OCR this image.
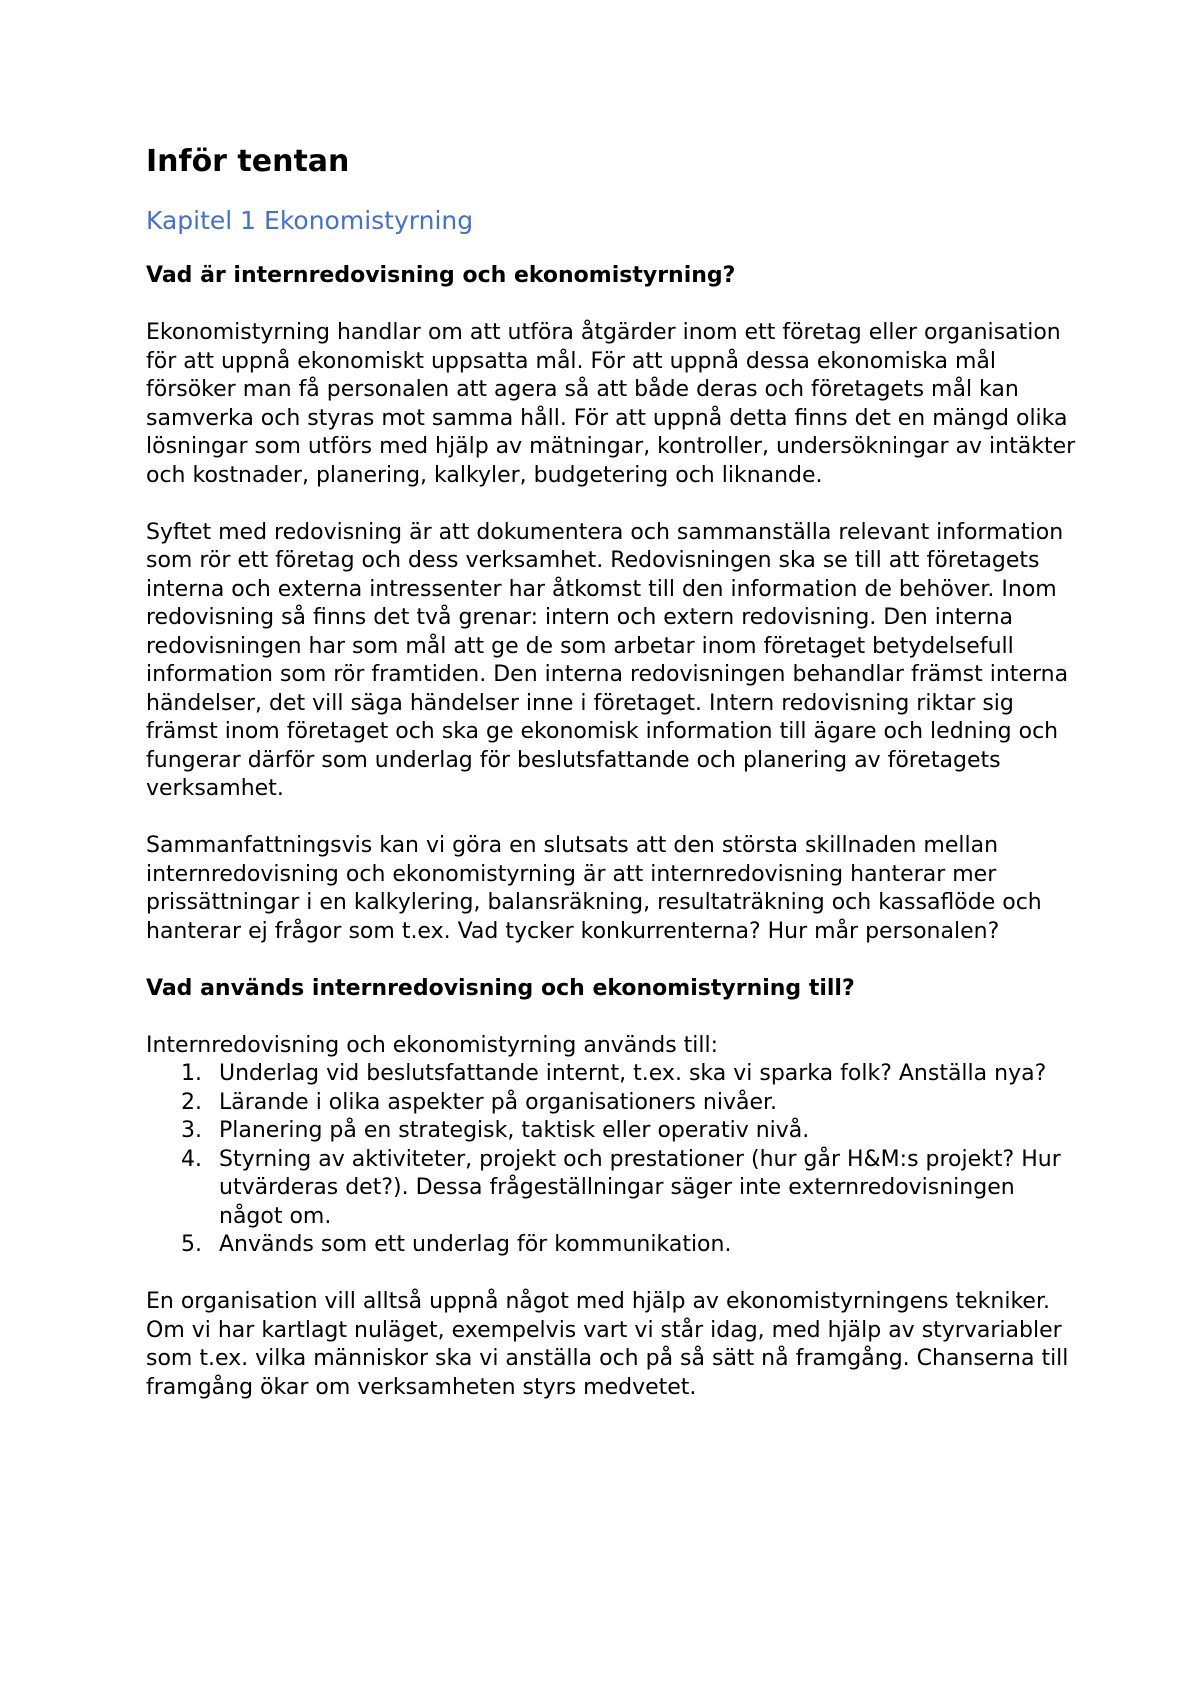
Inför tentan
Kapitel 1 Ekonomistyrning
Vad är internredovisning och ekonomistyrning?

Ekonomistyrning handlar om att utföra åtgärder inom ett företag eller organisation för att uppnå ekonomiskt uppsatta mål. För att uppnå dessa ekonomiska mål försöker man få personalen att agera så att både deras och företagets mål kan samverka och styras mot samma håll. För att uppnå detta finns det en mängd olika lösningar som utförs med hjälp av mätningar, kontroller, undersökningar av intäkter och kostnader, planering, kalkyler, budgetering och liknande.

Syftet med redovisning är att dokumentera och sammanställa relevant information som rör ett företag och dess verksamhet. Redovisningen ska se till att företagets interna och externa intressenter har åtkomst till den information de behöver. Inom redovisning så finns det två grenar: intern och extern redovisning. Den interna redovisningen har som mål att ge de som arbetar inom företaget betydelsefull information som rör framtiden. Den interna redovisningen behandlar främst interna händelser, det vill säga händelser inne i företaget. Intern redovisning riktar sig främst inom företaget och ska ge ekonomisk information till ägare och ledning och fungerar därför som underlag för beslutsfattande och planering av företagets verksamhet.

Sammanfattningsvis kan vi göra en slutsats att den största skillnaden mellan internredovisning och ekonomistyrning är att internredovisning hanterar mer prissättningar i en kalkylering, balansräkning, resultaträkning och kassaflöde och hanterar ej frågor som t.ex. Vad tycker konkurrenterna? Hur mår personalen?

Vad används internredovisning och ekonomistyrning till?

Internredovisning och ekonomistyrning används till:

1. Underlag vid beslutsfattande internt, t.ex. ska vi sparka folk? Anställa nya?
2. Lärande i olika aspekter på organisationers nivåer.
3. Planering på en strategisk, taktisk eller operativ nivå.
4. Styrning av aktiviteter, projekt och prestationer (hur går H&M:s projekt? Hur utvärderas det?). Dessa frågeställningar säger inte externredovisningen något om.
5. Används som ett underlag för kommunikation.

En organisation vill alltså uppnå något med hjälp av ekonomistyrningens tekniker.

Om vi har kartlagt nuläget, exempelvis vart vi står idag, med hjälp av styrvariabler som t.ex. vilka människor ska vi anställa och på så sätt nå framgång. Chanserna till framgång ökar om verksamheten styrs medvetet.
